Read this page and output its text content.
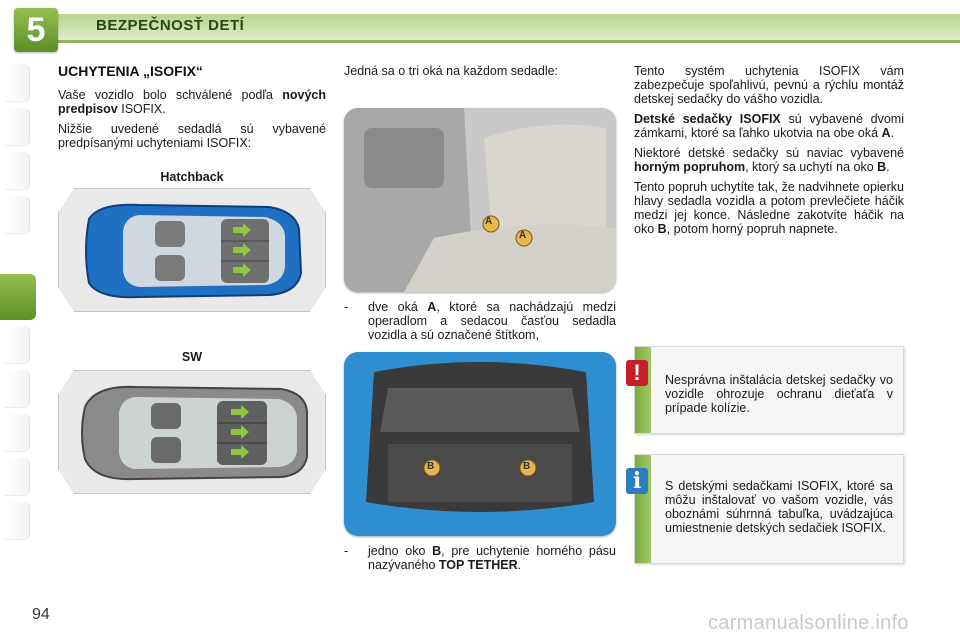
5	BEZPEČNOSŤ DETÍ
UCHYTENIA „ISOFIX“

Vaše vozidlo bolo schválené podľa nových predpisov ISOFIX.

Nižšie uvedené sedadlá sú vybavené predpísanými uchyteniami ISOFIX:

Hatchback
SW
Jedná sa o tri oká na každom sedadle:
A
A
- dve oká A, ktoré sa nachádzajú medzi operadlom a sedacou časťou sedadla vozidla a sú označené štítkom,
B	B
- jedno oko B, pre uchytenie horného pásu nazývaného TOP TETHER.

Tento systém uchytenia ISOFIX vám zabezpečuje spoľahlivú, pevnú a rýchlu montáž detskej sedačky do vášho vozidla.

Detské sedačky ISOFIX sú vybavené dvomi zámkami, ktoré sa ľahko ukotvia na obe oká A.

Niektoré detské sedačky sú naviac vybavené horným popruhom, ktorý sa uchytí na oko B.

Tento popruh uchytíte tak, že nadvihnete opierku hlavy sedadla vozidla a potom prevlečiete háčik medzi jej konce. Následne zakotvíte háčik na oko B, potom horný popruh napnete.

Nesprávna inštalácia detskej sedačky vo vozidle ohrozuje ochranu dieťaťa v prípade kolízie.
!
S detskými sedačkami ISOFIX, ktoré sa môžu inštalovať vo vašom vozidle, vás oboznámi súhrnná tabuľka, uvádzajúca umiestnenie detských sedačiek ISOFIX.
i
94	carmanualsonline.info
